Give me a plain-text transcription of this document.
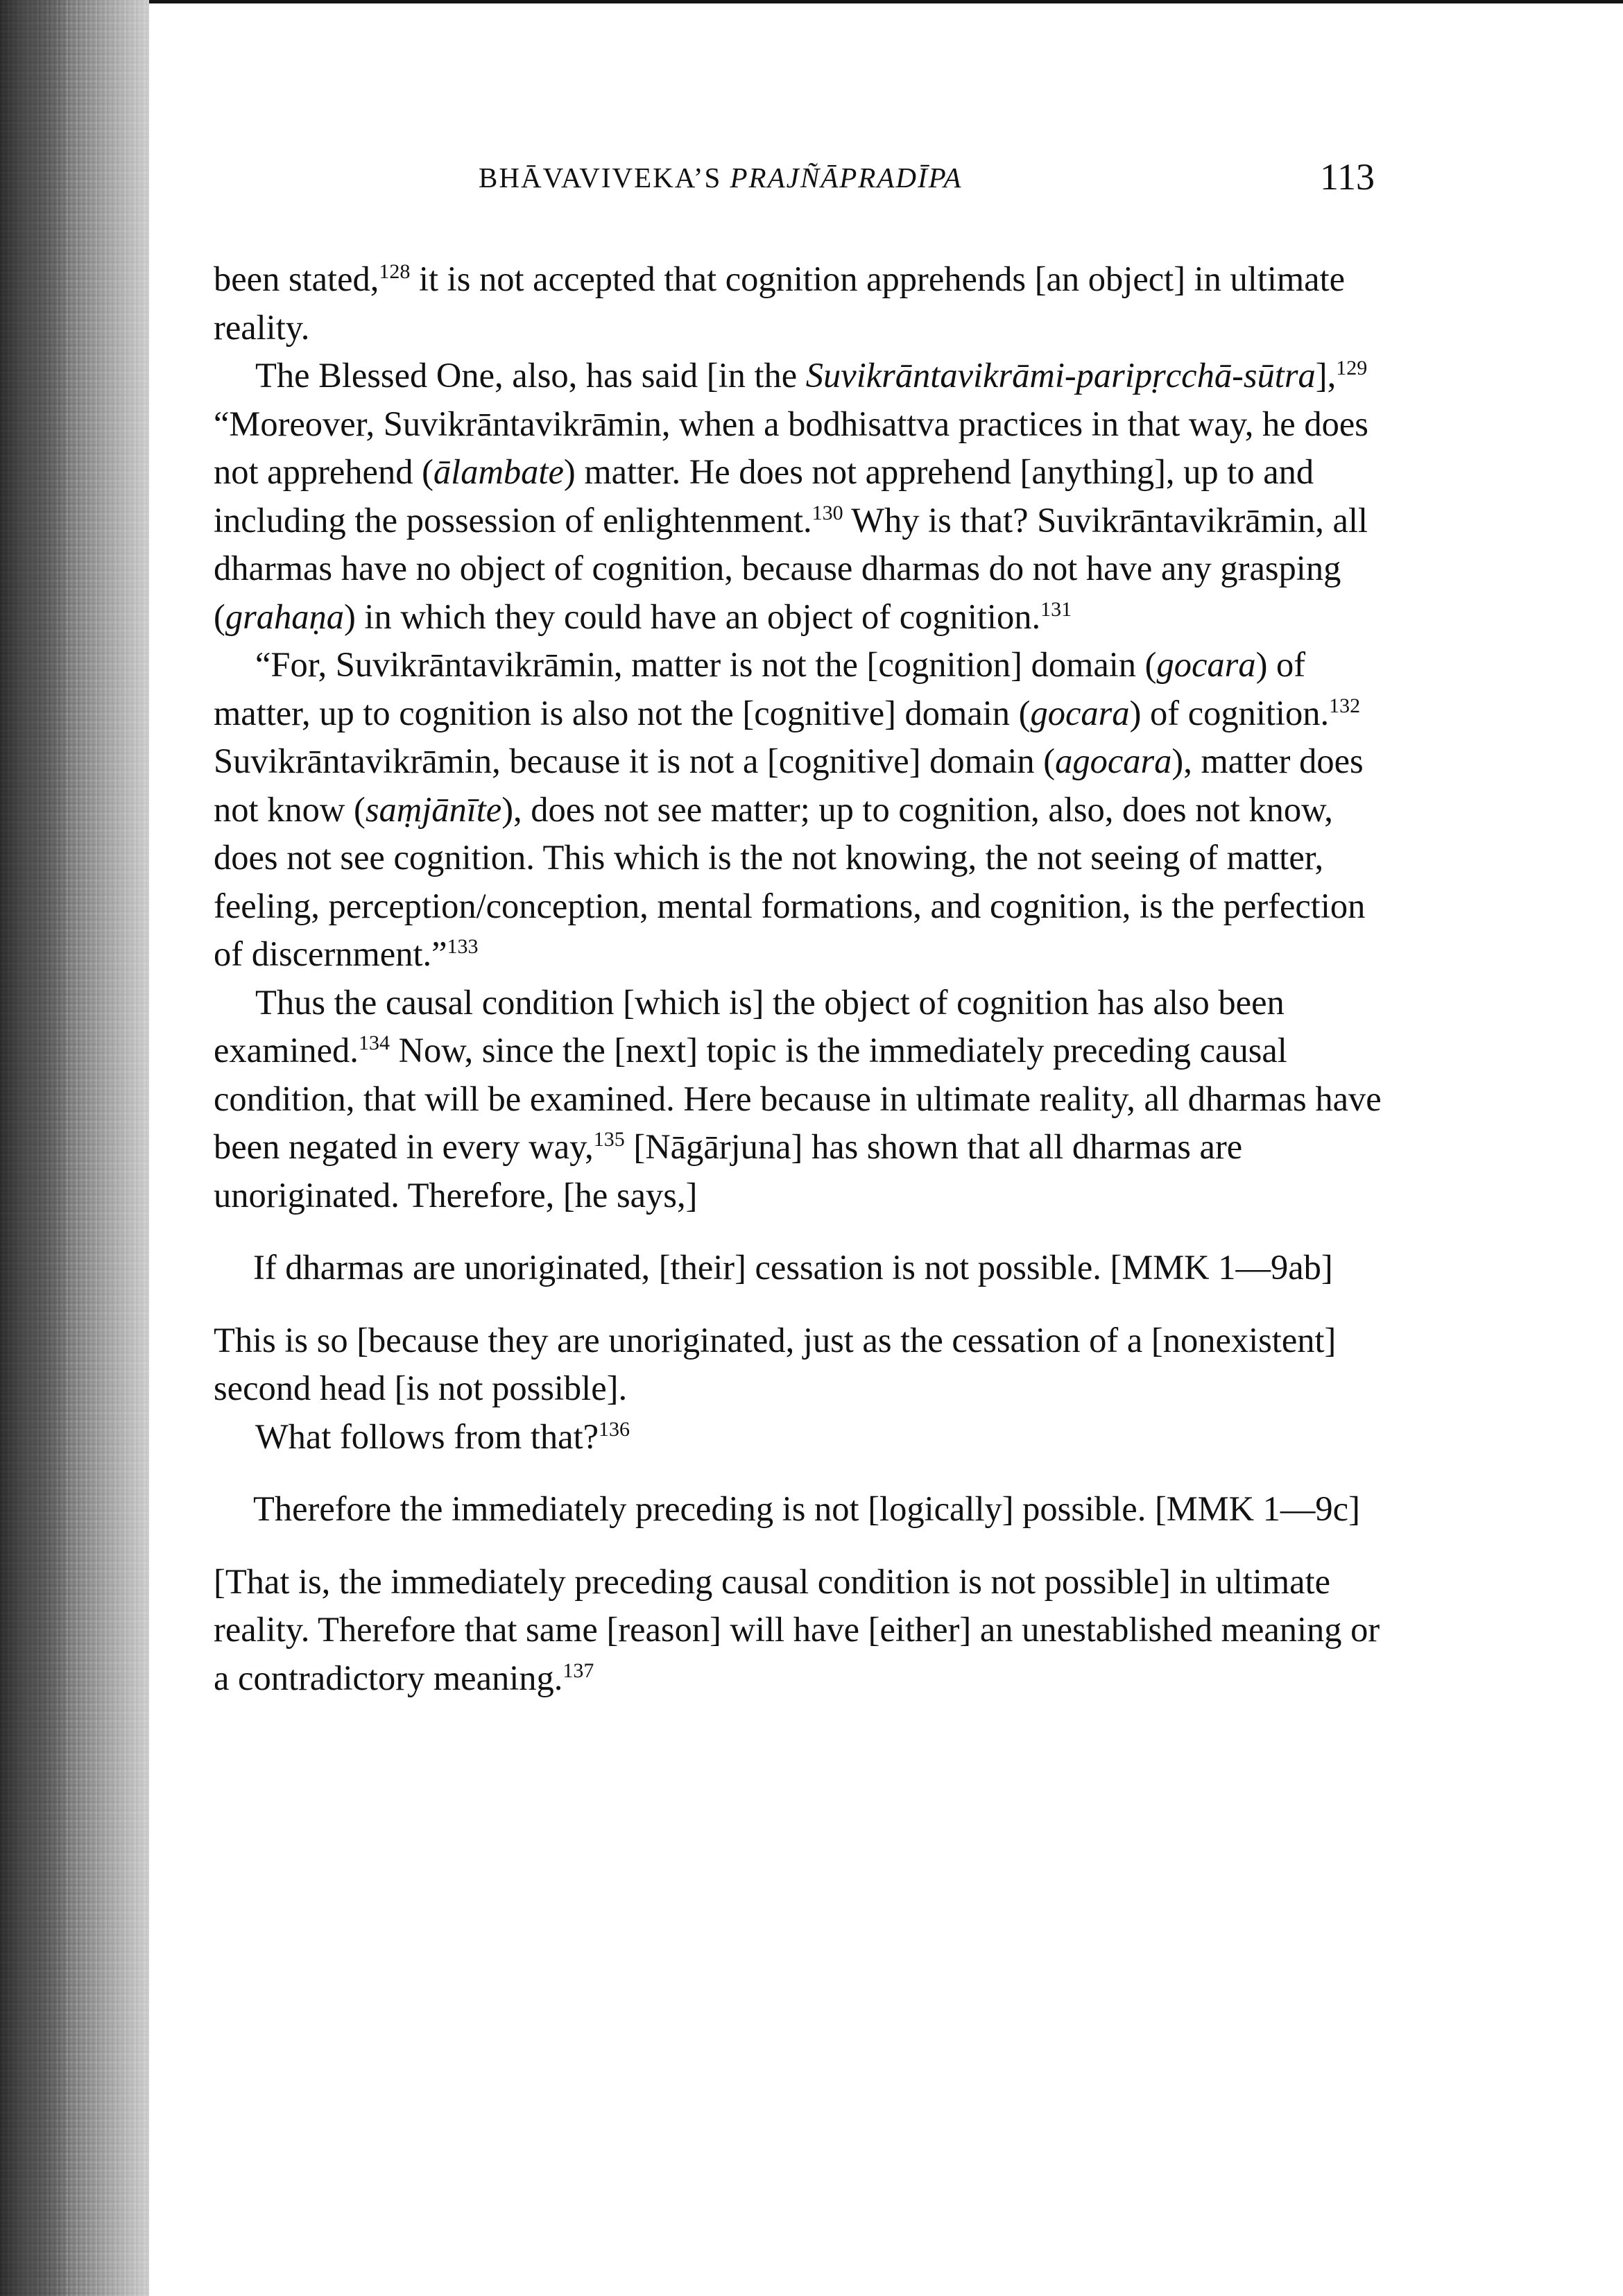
BHĀVAVIVEKA’S PRAJÑĀPRADĪPA	113

been stated,$^{128}$ it is not accepted that cognition apprehends [an object] in ultimate reality.

The Blessed One, also, has said [in the Suvikrāntavikrāmi-paripṛcchā-sūtra],$^{129}$ “Moreover, Suvikrāntavikrāmin, when a bodhisattva practices in that way, he does not apprehend (ālambate) matter. He does not apprehend [anything], up to and including the possession of enlightenment.$^{130}$ Why is that? Suvikrāntavikrāmin, all dharmas have no object of cognition, because dharmas do not have any grasping (grahaṇa) in which they could have an object of cognition.$^{131}$

“For, Suvikrāntavikrāmin, matter is not the [cognition] domain (gocara) of matter, up to cognition is also not the [cognitive] domain (gocara) of cognition.$^{132}$ Suvikrāntavikrāmin, because it is not a [cognitive] domain (agocara), matter does not know (saṃjānīte), does not see matter; up to cognition, also, does not know, does not see cognition. This which is the not knowing, the not seeing of matter, feeling, perception/conception, mental formations, and cognition, is the perfection of discernment.”$^{133}$

Thus the causal condition [which is] the object of cognition has also been examined.$^{134}$ Now, since the [next] topic is the immediately preceding causal condition, that will be examined. Here because in ultimate reality, all dharmas have been negated in every way,$^{135}$ [Nāgārjuna] has shown that all dharmas are unoriginated. Therefore, [he says,]

If dharmas are unoriginated, [their] cessation is not possible. [MMK 1—9ab]

This is so [because they are unoriginated, just as the cessation of a [nonexistent] second head [is not possible].

What follows from that?$^{136}$

Therefore the immediately preceding is not [logically] possible. [MMK 1—9c]

[That is, the immediately preceding causal condition is not possible] in ultimate reality. Therefore that same [reason] will have [either] an unestablished meaning or a contradictory meaning.$^{137}$
